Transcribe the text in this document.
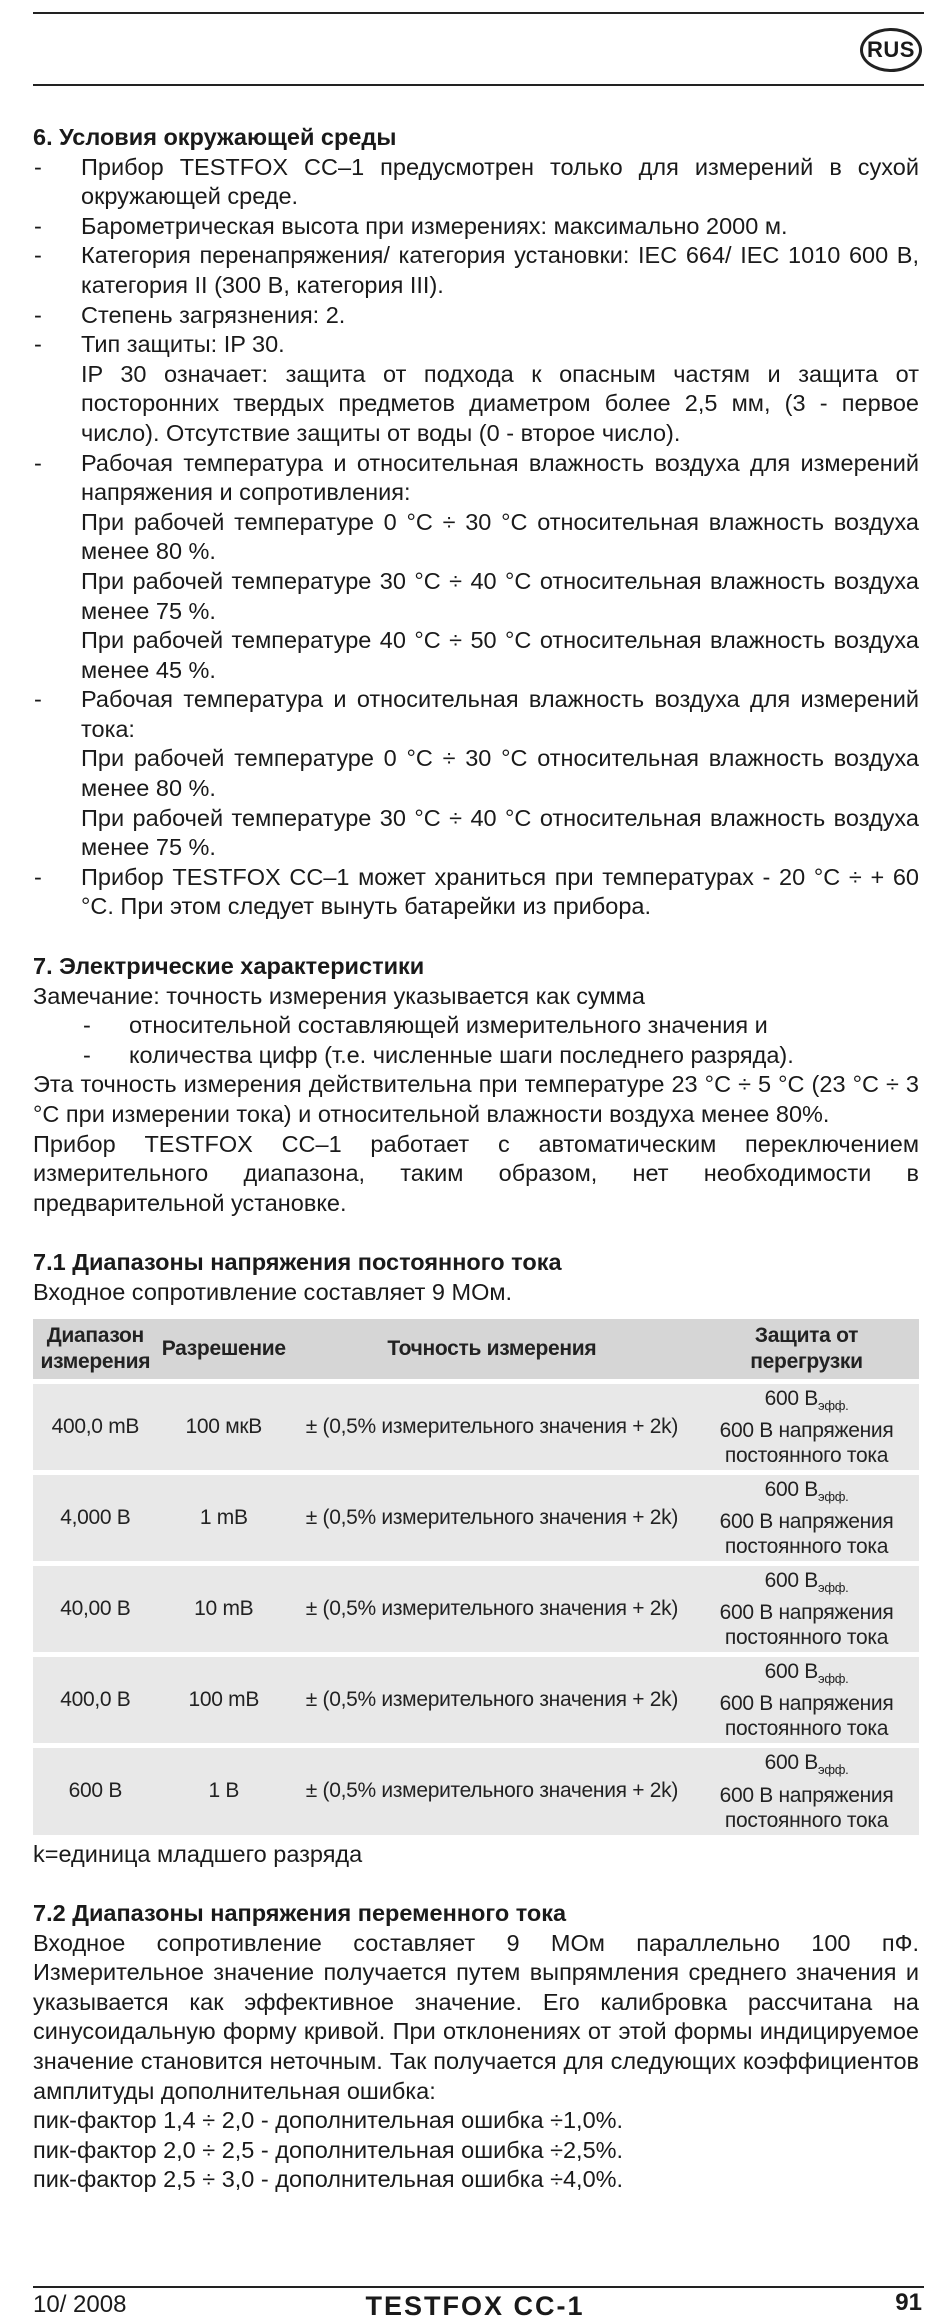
RUS
6. Условия окружающей среды
- Прибор TESTFOX CC–1 предусмотрен только для измерений в сухой окружающей среде.
- Барометрическая высота при измерениях: максимально 2000 м.
- Категория перенапряжения/ категория установки: IEC 664/ IEC 1010 600 В, категория II (300 В, категория III).
- Степень загрязнения: 2.
- Тип защиты: IP 30.
IP 30 означает: защита от подхода к опасным частям и защита от посторонних твердых предметов диаметром более 2,5 мм, (3 - первое число). Отсутствие защиты от воды (0 - второе число).
- Рабочая температура и относительная влажность воздуха для измерений напряжения и сопротивления:
При рабочей температуре 0 °C ÷ 30 °C относительная влажность воздуха менее 80 %.
При рабочей температуре 30 °C ÷ 40 °C относительная влажность воздуха менее 75 %.
При рабочей температуре 40 °C ÷ 50 °C относительная влажность воздуха менее 45 %.
- Рабочая температура и относительная влажность воздуха для измерений тока:
При рабочей температуре 0 °C ÷ 30 °C относительная влажность воздуха менее 80 %.
При рабочей температуре 30 °C ÷ 40 °C относительная влажность воздуха менее 75 %.
- Прибор TESTFOX CC–1 может храниться при температурах - 20 °C ÷ + 60 °C. При этом следует вынуть батарейки из прибора.
7. Электрические характеристики

Замечание: точность измерения указывается как сумма

- относительной составляющей измерительного значения и
- количества цифр (т.е. численные шаги последнего разряда).

Эта точность измерения действительна при температуре 23 °C ÷ 5 °C (23 °C ÷ 3 °C при измерении тока) и относительной влажности воздуха менее 80%.

Прибор TESTFOX CC–1 работает с автоматическим переключением измерительного диапазона, таким образом, нет необходимости в предварительной установке.

7.1 Диапазоны напряжения постоянного тока

Входное сопротивление составляет 9 МОм.

Диапазон измерения	Разрешение	Точность измерения	Защита от перегрузки
400,0 mВ	100 мкВ	± (0,5% измерительного значения + 2k)	600 $В_{эфф.}$
600 В напряжения
постоянного тока
4,000 В	1 mВ	± (0,5% измерительного значения + 2k)	600 $В_{эфф.}$
600 В напряжения
постоянного тока
40,00 В	10 mВ	± (0,5% измерительного значения + 2k)	600 $В_{эфф.}$
600 В напряжения
постоянного тока
400,0 В	100 mВ	± (0,5% измерительного значения + 2k)	600 $В_{эфф.}$
600 В напряжения
постоянного тока
600 В	1 В	± (0,5% измерительного значения + 2k)	600 $В_{эфф.}$
600 В напряжения
постоянного тока

k=единица младшего разряда

7.2 Диапазоны напряжения переменного тока

Входное сопротивление составляет 9 МОм параллельно 100 пФ. Измерительное значение получается путем выпрямления среднего значения и указывается как эффективное значение. Его калибровка рассчитана на синусоидальную форму кривой. При отклонениях от этой формы индицируемое значение становится неточным. Так получается для следующих коэффициентов амплитуды дополнительная ошибка:

пик-фактор 1,4 ÷ 2,0 - дополнительная ошибка ÷1,0%.

пик-фактор 2,0 ÷ 2,5 - дополнительная ошибка ÷2,5%.

пик-фактор 2,5 ÷ 3,0 - дополнительная ошибка ÷4,0%.

10/ 2008	TESTFOX CC-1	91
